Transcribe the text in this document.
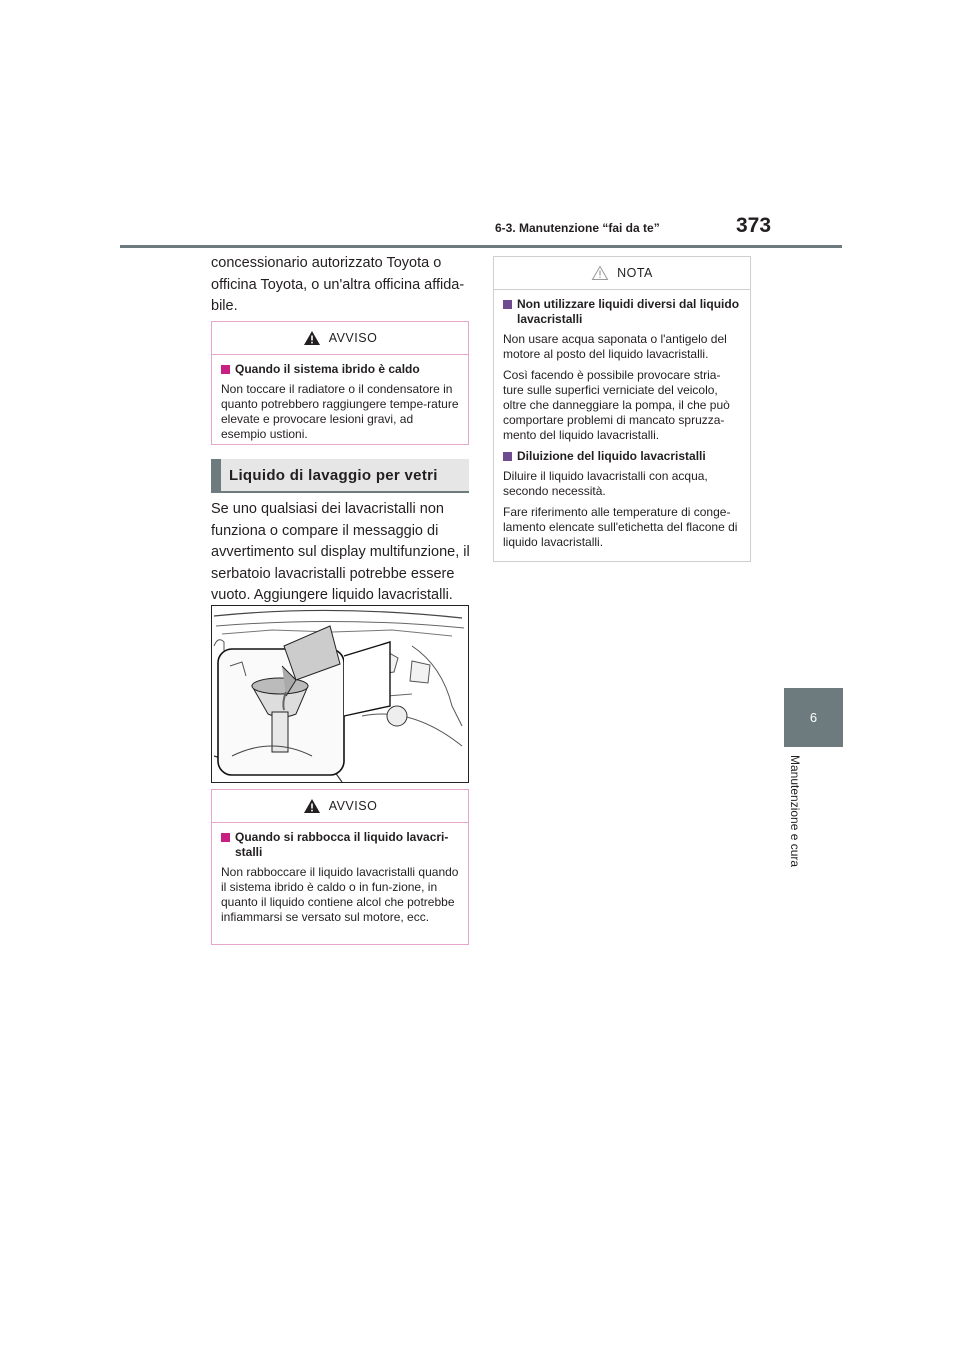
6-3. Manutenzione “fai da te”	373
6
Manutenzione e cura

concessionario autorizzato Toyota o officina Toyota, o un'altra officina affida-bile.

AVVISO
Quando il sistema ibrido è caldo

Non toccare il radiatore o il condensatore in quanto potrebbero raggiungere tempe-rature elevate e provocare lesioni gravi, ad esempio ustioni.

Liquido di lavaggio per vetri

Se uno qualsiasi dei lavacristalli non funziona o compare il messaggio di avvertimento sul display multifunzione, il serbatoio lavacristalli potrebbe essere vuoto. Aggiungere liquido lavacristalli.

AVVISO
Quando si rabbocca il liquido lavacri-stalli

Non rabboccare il liquido lavacristalli quando il sistema ibrido è caldo o in fun-zione, in quanto il liquido contiene alcol che potrebbe infiammarsi se versato sul motore, ecc.

NOTA
Non utilizzare liquidi diversi dal liquido lavacristalli

Non usare acqua saponata o l'antigelo del motore al posto del liquido lavacristalli.

Così facendo è possibile provocare stria-ture sulle superfici verniciate del veicolo, oltre che danneggiare la pompa, il che può comportare problemi di mancato spruzza-mento del liquido lavacristalli.

Diluizione del liquido lavacristalli

Diluire il liquido lavacristalli con acqua, secondo necessità.

Fare riferimento alle temperature di conge-lamento elencate sull'etichetta del flacone di liquido lavacristalli.
